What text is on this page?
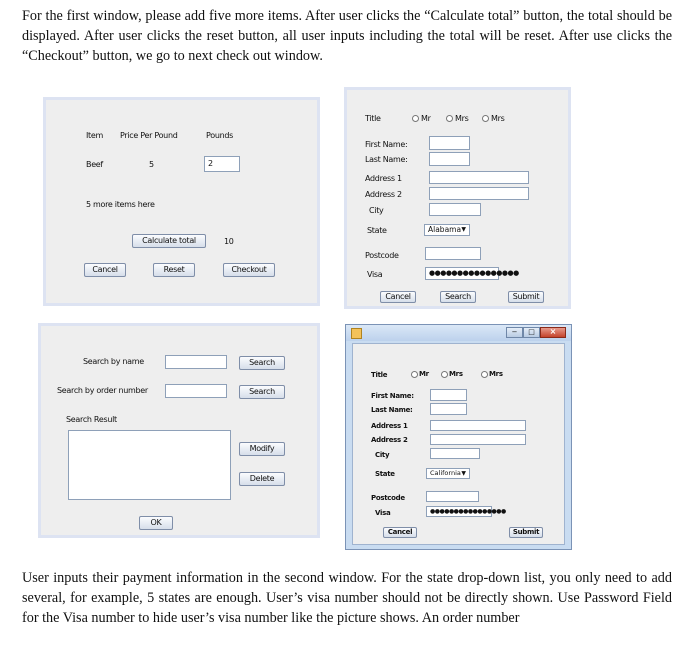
For the first window, please add five more items. After user clicks the “Calculate total” button, the total should be displayed. After user clicks the reset button, all user inputs including the total will be reset. After use clicks the “Checkout” button, we go to next check out window.
Item Price Per Pound	Pounds
Beef	5	2
5 more items here
Calculate total	10
Cancel	Reset	Checkout
Title	Mr	Mrs	Mrs
First Name:
Last Name:
Address 1
Address 2
City
State	Alabama ▼
Postcode
Visa	●●●●●●●●●●●●●●●●
Cancel	Search	Submit
Search by name	Search
Search by order number	Search
Search Result
Modify
Delete
OK
−	□	×
Title	Mr	Mrs	Mrs
First Name:
Last Name:
Address 1
Address 2
City
State	California ▼
Postcode
Visa	●●●●●●●●●●●●●●●●
Cancel	Submit
User inputs their payment information in the second window. For the state drop-down list, you only need to add several, for example, 5 states are enough. User’s visa number should not be directly shown. Use Password Field for the Visa number to hide user’s visa number like the picture shows. An order number
